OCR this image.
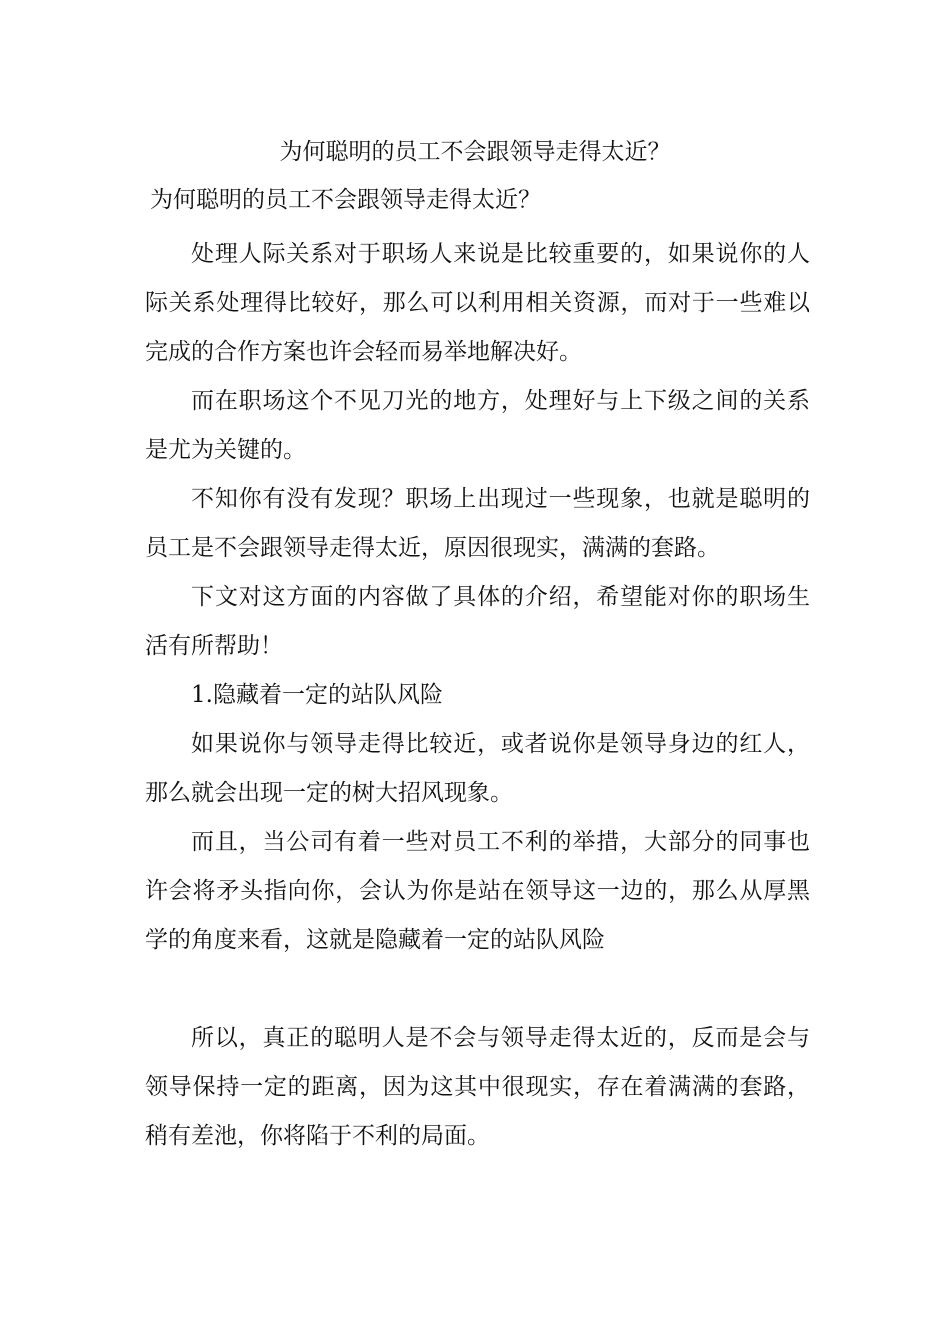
为何聪明的员工不会跟领导走得太近？
为何聪明的员工不会跟领导走得太近？

处理人际关系对于职场人来说是比较重要的，如果说你的人际关系处理得比较好，那么可以利用相关资源，而对于一些难以完成的合作方案也许会轻而易举地解决好。

而在职场这个不见刀光的地方，处理好与上下级之间的关系是尤为关键的。

不知你有没有发现？职场上出现过一些现象，也就是聪明的员工是不会跟领导走得太近，原因很现实，满满的套路。

下文对这方面的内容做了具体的介绍，希望能对你的职场生活有所帮助！

1.隐藏着一定的站队风险

如果说你与领导走得比较近，或者说你是领导身边的红人，那么就会出现一定的树大招风现象。

而且，当公司有着一些对员工不利的举措，大部分的同事也许会将矛头指向你，会认为你是站在领导这一边的，那么从厚黑学的角度来看，这就是隐藏着一定的站队风险

所以，真正的聪明人是不会与领导走得太近的，反而是会与领导保持一定的距离，因为这其中很现实，存在着满满的套路，稍有差池，你将陷于不利的局面。
